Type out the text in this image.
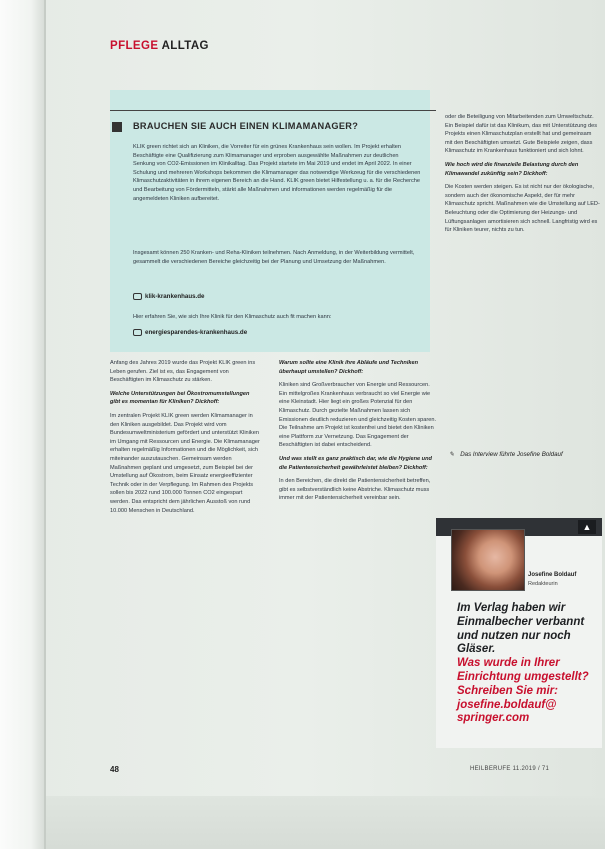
PFLEGE ALLTAG
BRAUCHEN SIE AUCH EINEN KLIMAMANAGER?
KLIK green richtet sich an Kliniken, die Vorreiter für ein grünes Krankenhaus sein wollen. Im Projekt erhalten Beschäftigte eine Qualifizierung zum Klimamanager und erproben ausgewählte Maßnahmen zur deutlichen Senkung von CO2-Emissionen im Klinikalltag. Das Projekt startete im Mai 2019 und endet im April 2022. In einer Schulung und mehreren Workshops bekommen die Klimamanager das notwendige Werkzeug für die verschiedenen Klimaschutzaktivitäten in ihrem eigenen Bereich an die Hand. KLIK green bietet Hilfestellung u. a. für die Recherche und Bearbeitung von Fördermitteln, stärkt alle Maßnahmen und informationen werden regelmäßig für die angemeldeten Kliniken aufbereitet.
Insgesamt können 250 Kranken- und Reha-Kliniken teilnehmen. Nach Anmeldung, in der Weiterbildung vermittelt, gesammelt die verschiedenen Bereiche gleichzeitig bei der Planung und Umsetzung der Maßnahmen.
klik-krankenhaus.de
Hier erfahren Sie, wie sich Ihre Klinik für den Klimaschutz auch fit machen kann:
energiesparendes-krankenhaus.de

Anfang des Jahres 2019 wurde das Projekt KLIK green ins Leben gerufen. Ziel ist es, das Engagement von Beschäftigten im Klimaschutz zu stärken.

Welche Unterstützungen bei Ökostromumstellungen gibt es momentan für Kliniken? Dickhoff:

Im zentralen Projekt KLIK green werden Klimamanager in den Kliniken ausgebildet. Das Projekt wird vom Bundesumweltministerium gefördert und unterstützt Kliniken im Umgang mit Ressourcen und Energie. Die Klimamanager erhalten regelmäßig Informationen und die Möglichkeit, sich miteinander auszutauschen. Gemeinsam werden Maßnahmen geplant und umgesetzt, zum Beispiel bei der Umstellung auf Ökostrom, beim Einsatz energieeffizienter Technik oder in der Verpflegung. Im Rahmen des Projekts sollen bis 2022 rund 100.000 Tonnen CO2 eingespart werden. Das entspricht dem jährlichen Ausstoß von rund 10.000 Menschen in Deutschland.

Warum sollte eine Klinik ihre Abläufe und Techniken überhaupt umstellen? Dickhoff:

Kliniken sind Großverbraucher von Energie und Ressourcen. Ein mittelgroßes Krankenhaus verbraucht so viel Energie wie eine Kleinstadt. Hier liegt ein großes Potenzial für den Klimaschutz. Durch gezielte Maßnahmen lassen sich Emissionen deutlich reduzieren und gleichzeitig Kosten sparen. Die Teilnahme am Projekt ist kostenfrei und bietet den Kliniken eine Plattform zur Vernetzung. Das Engagement der Beschäftigten ist dabei entscheidend.

Und was stellt es ganz praktisch dar, wie die Hygiene und die Patientensicherheit gewährleistet bleiben? Dickhoff:

In den Bereichen, die direkt die Patientensicherheit betreffen, gibt es selbstverständlich keine Abstriche. Klimaschutz muss immer mit der Patientensicherheit vereinbar sein.

oder die Beteiligung von Mitarbeitenden zum Umweltschutz. Ein Beispiel dafür ist das Klinikum, das mit Unterstützung des Projekts einen Klimaschutzplan erstellt hat und gemeinsam mit den Beschäftigten umsetzt. Gute Beispiele zeigen, dass Klimaschutz im Krankenhaus funktioniert und sich lohnt.

Wie hoch wird die finanzielle Belastung durch den Klimawandel zukünftig sein? Dickhoff:

Die Kosten werden steigen. Es ist nicht nur der ökologische, sondern auch der ökonomische Aspekt, der für mehr Klimaschutz spricht. Maßnahmen wie die Umstellung auf LED-Beleuchtung oder die Optimierung der Heizungs- und Lüftungsanlagen amortisieren sich schnell. Langfristig wird es für Kliniken teurer, nichts zu tun.

✎ Das Interview führte Josefine Boldauf
▲
Josefine Boldauf
Redakteurin
Im Verlag haben wir Einmalbecher verbannt und nutzen nur noch Gläser.
Was wurde in Ihrer Einrichtung umgestellt? Schreiben Sie mir:
josefine.boldauf@
springer.com
48	HEILBERUFE 11.2019 / 71
